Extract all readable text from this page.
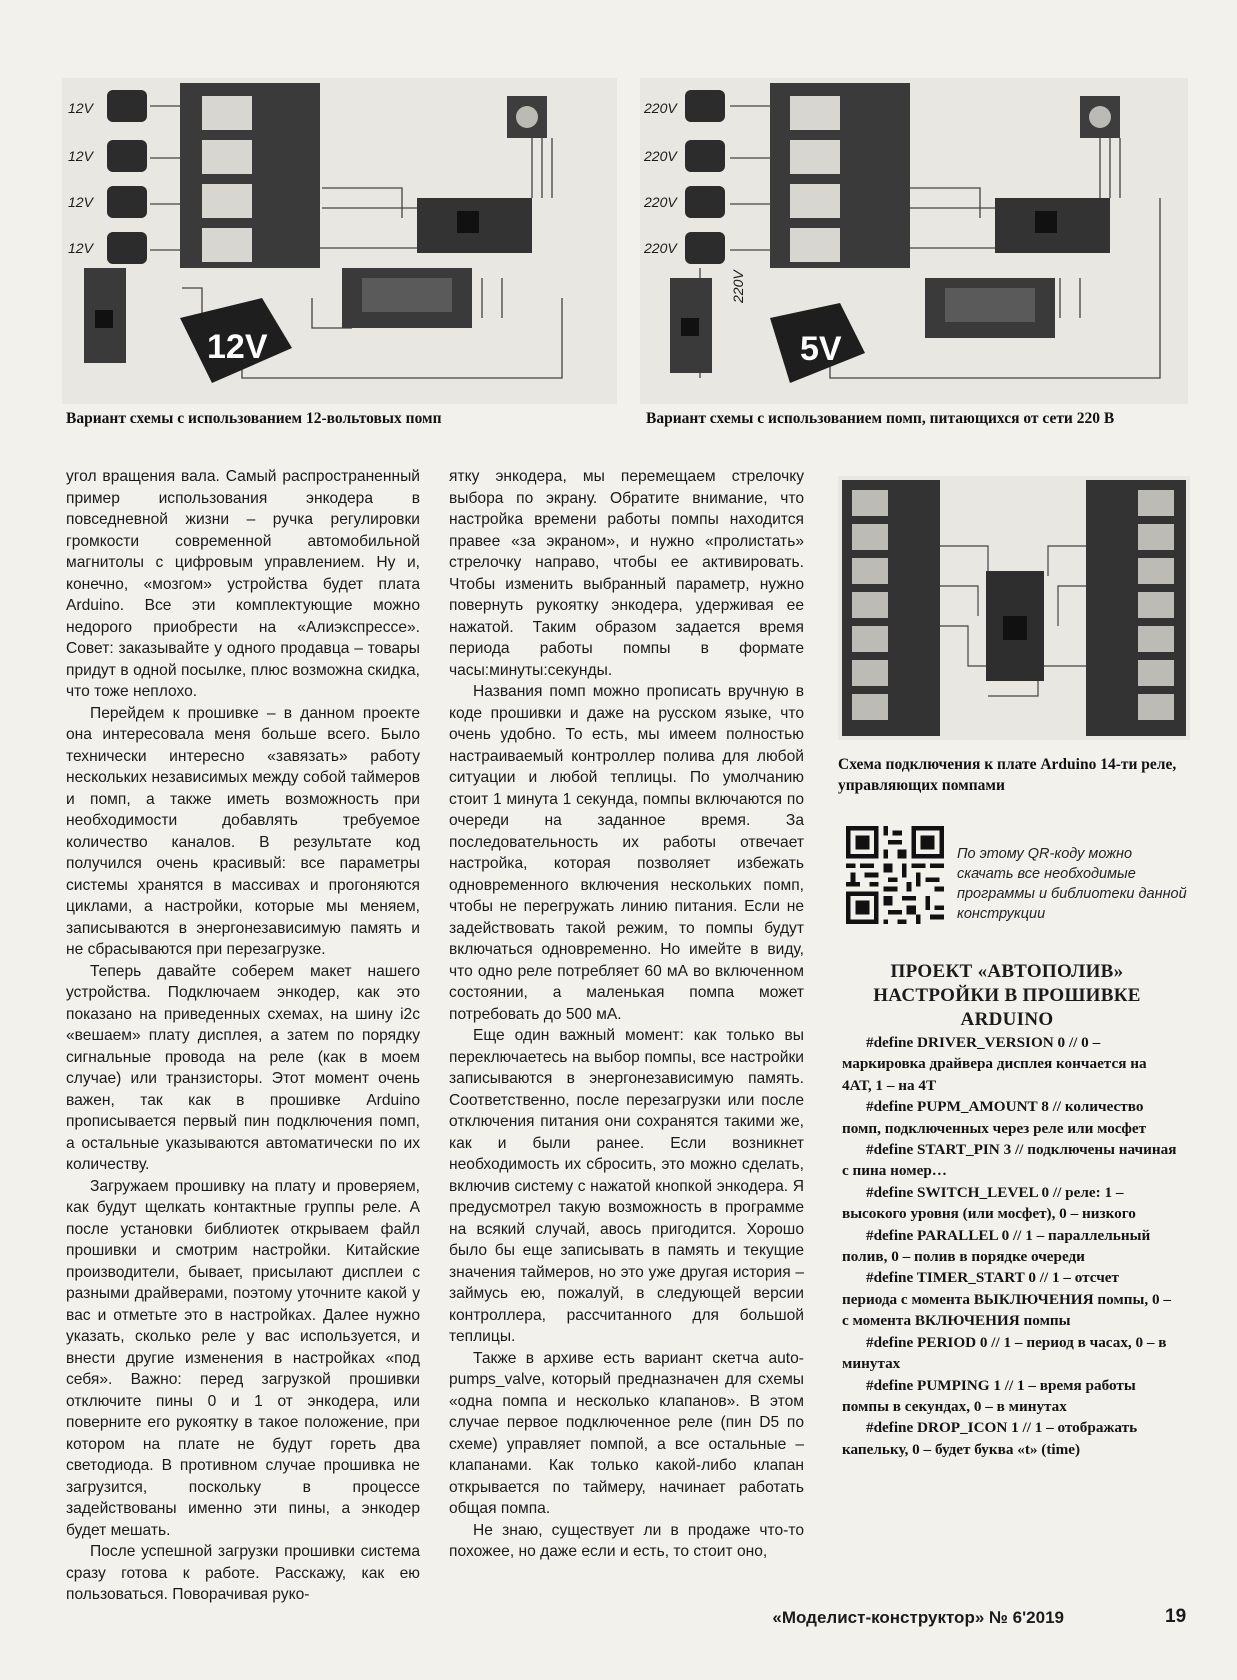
12V
12V
12V
12V
12V
Вариант схемы с использованием 12-вольтовых помп
220V
220V
220V
220V
220V
5V
Вариант схемы с использованием помп, питающихся от сети 220 В
Схема подключения к плате Arduino 14-ти реле, управляющих помпами

угол вращения вала. Самый распространенный пример использования энкодера в повседневной жизни – ручка регулировки громкости современной автомобильной магнитолы с цифровым управлением. Ну и, конечно, «мозгом» устройства будет плата Arduino. Все эти комплектующие можно недорого приобрести на «Алиэкспрессе». Совет: заказывайте у одного продавца – товары придут в одной посылке, плюс возможна скидка, что тоже неплохо.

Перейдем к прошивке – в данном проекте она интересовала меня больше всего. Было технически интересно «завязать» работу нескольких независимых между собой таймеров и помп, а также иметь возможность при необходимости добавлять требуемое количество каналов. В результате код получился очень красивый: все параметры системы хранятся в массивах и прогоняются циклами, а настройки, которые мы меняем, записываются в энергонезависимую память и не сбрасываются при перезагрузке.

Теперь давайте соберем макет нашего устройства. Подключаем энкодер, как это показано на приведенных схемах, на шину i2c «вешаем» плату дисплея, а затем по порядку сигнальные провода на реле (как в моем случае) или транзисторы. Этот момент очень важен, так как в прошивке Arduino прописывается первый пин подключения помп, а остальные указываются автоматически по их количеству.

Загружаем прошивку на плату и проверяем, как будут щелкать контактные группы реле. А после установки библиотек открываем файл прошивки и смотрим настройки. Китайские производители, бывает, присылают дисплеи с разными драйверами, поэтому уточните какой у вас и отметьте это в настройках. Далее нужно указать, сколько реле у вас используется, и внести другие изменения в настройках «под себя». Важно: перед загрузкой прошивки отключите пины 0 и 1 от энкодера, или поверните его рукоятку в такое положение, при котором на плате не будут гореть два светодиода. В противном случае прошивка не загрузится, поскольку в процессе задействованы именно эти пины, а энкодер будет мешать.

После успешной загрузки прошивки система сразу готова к работе. Расскажу, как ею пользоваться. Поворачивая руко-

ятку энкодера, мы перемещаем стрелочку выбора по экрану. Обратите внимание, что настройка времени работы помпы находится правее «за экраном», и нужно «пролистать» стрелочку направо, чтобы ее активировать. Чтобы изменить выбранный параметр, нужно повернуть рукоятку энкодера, удерживая ее нажатой. Таким образом задается время периода работы помпы в формате часы:минуты:секунды.

Названия помп можно прописать вручную в коде прошивки и даже на русском языке, что очень удобно. То есть, мы имеем полностью настраиваемый контроллер полива для любой ситуации и любой теплицы. По умолчанию стоит 1 минута 1 секунда, помпы включаются по очереди на заданное время. За последовательность их работы отвечает настройка, которая позволяет избежать одновременного включения нескольких помп, чтобы не перегружать линию питания. Если не задействовать такой режим, то помпы будут включаться одновременно. Но имейте в виду, что одно реле потребляет 60 мА во включенном состоянии, а маленькая помпа может потребовать до 500 мА.

Еще один важный момент: как только вы переключаетесь на выбор помпы, все настройки записываются в энергонезависимую память. Соответственно, после перезагрузки или после отключения питания они сохранятся такими же, как и были ранее. Если возникнет необходимость их сбросить, это можно сделать, включив систему с нажатой кнопкой энкодера. Я предусмотрел такую возможность в программе на всякий случай, авось пригодится. Хорошо было бы еще записывать в память и текущие значения таймеров, но это уже другая история – займусь ею, пожалуй, в следующей версии контроллера, рассчитанного для большой теплицы.

Также в архиве есть вариант скетча auto-pumps_valve, который предназначен для схемы «одна помпа и несколько клапанов». В этом случае первое подключенное реле (пин D5 по схеме) управляет помпой, а все остальные – клапанами. Как только какой-либо клапан открывается по таймеру, начинает работать общая помпа.

Не знаю, существует ли в продаже что-то похожее, но даже если и есть, то стоит оно,

По этому QR-коду можно скачать все необходимые программы и библиотеки данной конструкции
ПРОЕКТ «АВТОПОЛИВ»
НАСТРОЙКИ В ПРОШИВКЕ
ARDUINO

#define DRIVER_VERSION 0 // 0 – маркировка драйвера дисплея кончается на 4АТ, 1 – на 4Т

#define PUPM_AMOUNT 8 // количество помп, подключенных через реле или мосфет

#define START_PIN 3 // подключены начиная с пина номер…

#define SWITCH_LEVEL 0 // реле: 1 – высокого уровня (или мосфет), 0 – низкого

#define PARALLEL 0 // 1 – параллельный полив, 0 – полив в порядке очереди

#define TIMER_START 0 // 1 – отсчет периода с момента ВЫКЛЮЧЕНИЯ помпы, 0 – с момента ВКЛЮЧЕНИЯ помпы

#define PERIOD 0 // 1 – период в часах, 0 – в минутах

#define PUMPING 1 // 1 – время работы помпы в секундах, 0 – в минутах

#define DROP_ICON 1 // 1 – отображать капельку, 0 – будет буква «t» (time)

«Моделист-конструктор» № 6'2019	19
